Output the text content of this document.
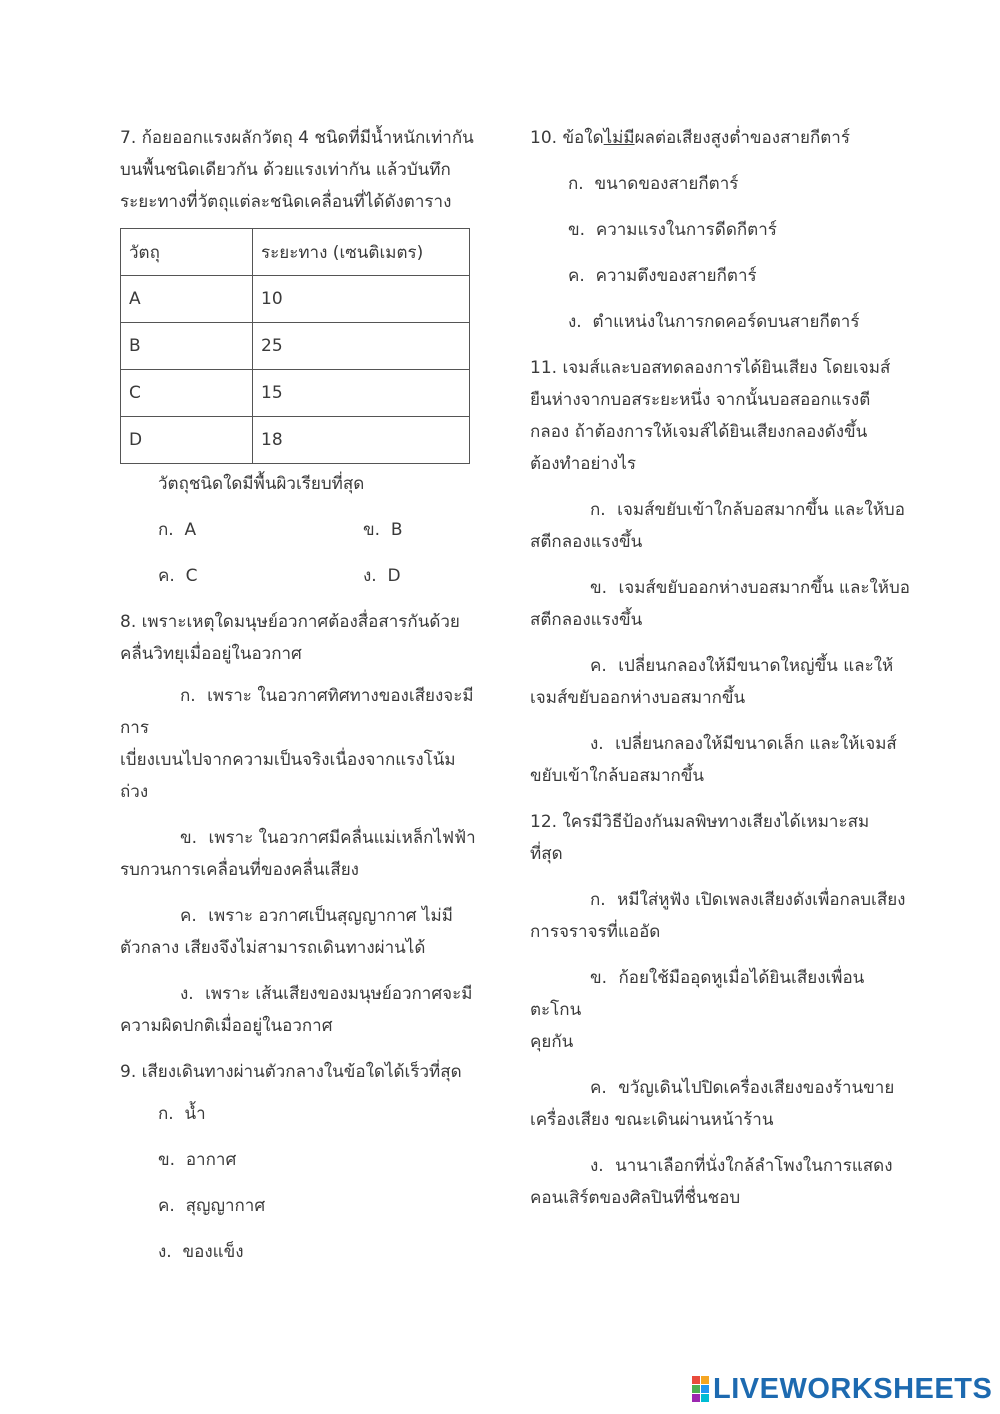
7. ก้อยออกแรงผลักวัตถุ 4 ชนิดที่มีน้ำหนักเท่ากัน
บนพื้นชนิดเดียวกัน ด้วยแรงเท่ากัน แล้วบันทึก
ระยะทางที่วัตถุแต่ละชนิดเคลื่อนที่ได้ดังตาราง
วัตถุ	ระยะทาง (เซนติเมตร)
A	10
B	25
C	15
D	18
วัตถุชนิดใดมีพื้นผิวเรียบที่สุด
ก. A	ข. B
ค. C	ง. D
8. เพราะเหตุใดมนุษย์อวกาศต้องสื่อสารกันด้วย
คลื่นวิทยุเมื่ออยู่ในอวกาศ
ก. เพราะ ในอวกาศทิศทางของเสียงจะมีการ
เบี่ยงเบนไปจากความเป็นจริงเนื่องจากแรงโน้ม
ถ่วง
ข. เพราะ ในอวกาศมีคลื่นแม่เหล็กไฟฟ้า
รบกวนการเคลื่อนที่ของคลื่นเสียง
ค. เพราะ อวกาศเป็นสุญญากาศ ไม่มี
ตัวกลาง เสียงจึงไม่สามารถเดินทางผ่านได้
ง. เพราะ เส้นเสียงของมนุษย์อวกาศจะมี
ความผิดปกติเมื่ออยู่ในอวกาศ
9. เสียงเดินทางผ่านตัวกลางในข้อใดได้เร็วที่สุด
ก. น้ำ
ข. อากาศ
ค. สุญญากาศ
ง. ของแข็ง
10. ข้อใดไม่มีผลต่อเสียงสูงต่ำของสายกีตาร์
ก. ขนาดของสายกีตาร์
ข. ความแรงในการดีดกีตาร์
ค. ความตึงของสายกีตาร์
ง. ตำแหน่งในการกดคอร์ดบนสายกีตาร์
11. เจมส์และบอสทดลองการได้ยินเสียง โดยเจมส์
ยืนห่างจากบอสระยะหนึ่ง จากนั้นบอสออกแรงตี
กลอง ถ้าต้องการให้เจมส์ได้ยินเสียงกลองดังขึ้น
ต้องทำอย่างไร
ก. เจมส์ขยับเข้าใกล้บอสมากขึ้น และให้บอ
สตีกลองแรงขึ้น
ข. เจมส์ขยับออกห่างบอสมากขึ้น และให้บอ
สตีกลองแรงขึ้น
ค. เปลี่ยนกลองให้มีขนาดใหญ่ขึ้น และให้
เจมส์ขยับออกห่างบอสมากขึ้น
ง. เปลี่ยนกลองให้มีขนาดเล็ก และให้เจมส์
ขยับเข้าใกล้บอสมากขึ้น
12. ใครมีวิธีป้องกันมลพิษทางเสียงได้เหมาะสม
ที่สุด
ก. หมีใส่หูฟัง เปิดเพลงเสียงดังเพื่อกลบเสียง
การจราจรที่แออัด
ข. ก้อยใช้มืออุดหูเมื่อได้ยินเสียงเพื่อนตะโกน
คุยกัน
ค. ขวัญเดินไปปิดเครื่องเสียงของร้านขาย
เครื่องเสียง ขณะเดินผ่านหน้าร้าน
ง. นานาเลือกที่นั่งใกล้ลำโพงในการแสดง
คอนเสิร์ตของศิลปินที่ชื่นชอบ
LIVEWORKSHEETS
